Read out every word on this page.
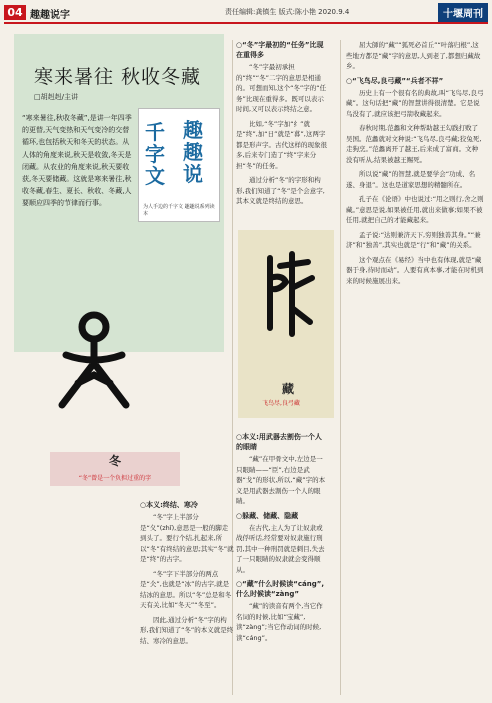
04 趣趣说字	责任编辑:龚镇生 版式:陈小艳 2020.9.4	十堰周刊
寒来暑往 秋收冬藏
□胡赳赳/主讲
“寒来暑往,秋收冬藏”,是讲一年四季的更替,天气变热和天气变冷的交替循环,也包括秋天和冬天的状态。从人体的角度来说,秋天是收敛,冬天是闭藏。从农业的角度来说,秋天要收获,冬天要储藏。这就是寒来暑往,秋收冬藏,春生、夏长、秋收、冬藏,人要顺应四季的节律而行事。
千字文
趣趣说
为人手边的千字文 趣趣说系列读本
冬
“冬”曾是一个负担过重的字
○本义:终结、寒冷

“冬”字上半部分是“夂”(zhǐ),意思是一般的脚走到头了。要行个结,扎起来,所以“冬”有终结的意思;其实“冬”就是“终”的古字。

“冬”字下半部分的两点是“仌”,也就是“冰”的古字,就是结冰的意思。所以“冬”总是和冬天有关,比如“冬天”“冬至”。

因此,通过分析“冬”字的构形,我们知道了“冬”的本义就是终结、寒冷的意思。

○“冬”字最初的“任务”比现在重得多

“冬”字最初承担的“终”“冬”二字的意思是相通的。可想而知,这个“冬”字的“任务”比现在重得多。既可以表示时间,又可以表示终结之意。

比如,“冬”字加“纟”就是“终”,加“日”就是“暮”,这两字都是形声字。古代这样的现象很多,后来专门造了“终”字来分担“冬”的任务。

通过分析“冬”的字形和构形,我们知道了“冬”是个会意字,其本义就是终结的意思。

藏
飞鸟尽,良弓藏
○本义:用武器去割伤一个人的眼睛

“藏”在甲骨文中,左边是一只眼睛——“臣”,右边是武器“戈”的形状,所以,“藏”字的本义是用武器去割伤一个人的眼睛。

○躲藏、储藏、隐藏

在古代,主人为了让奴隶或战俘听话,经常要对奴隶施行刑罚,其中一种刑罚就是刺目,失去了一只眼睛的奴隶就会变得顺从。

○“藏”什么时候读“cáng”,什么时候读“zàng”

“藏”的读音有两个,当它作名词的时候,比如“宝藏”,读“zàng”;当它作动词的时候,读“cáng”。

屈大師的“藏”“狐死必首丘”“叶落归根”,这些地方都是“藏”字的意思,人到老了,都想归藏故乡。

○“飞鸟尽,良弓藏”“兵者不祥”

历史上有一个很有名的典故,叫“飞鸟尽,良弓藏”。这句话把“藏”的智慧讲得很清楚。它是说鸟没有了,就应该把弓箭收藏起来。

春秋时期,范蠡和文种帮助越王勾践打败了吴国。范蠡就对文种说:“飞鸟尽,良弓藏;狡兔死,走狗烹。”范蠡离开了越王,后来成了富商。文种没有听从,结果被越王赐死。

所以说“藏”的智慧,就是要学会“功成、名遂、身退”。这也是道家思想的精髓所在。

孔子在《论语》中也说过:“用之则行,舍之则藏。”意思是说,如果被任用,就出来做事;如果不被任用,就把自己的才能藏起来。

孟子说:“达则兼济天下,穷则独善其身。”“兼济”和“独善”,其实也就是“行”和“藏”的关系。

这个观点在《易经》当中也有体现,就是“藏器于身,待时而动”。人要有真本事,才能在时机到来的时候施展出来。
